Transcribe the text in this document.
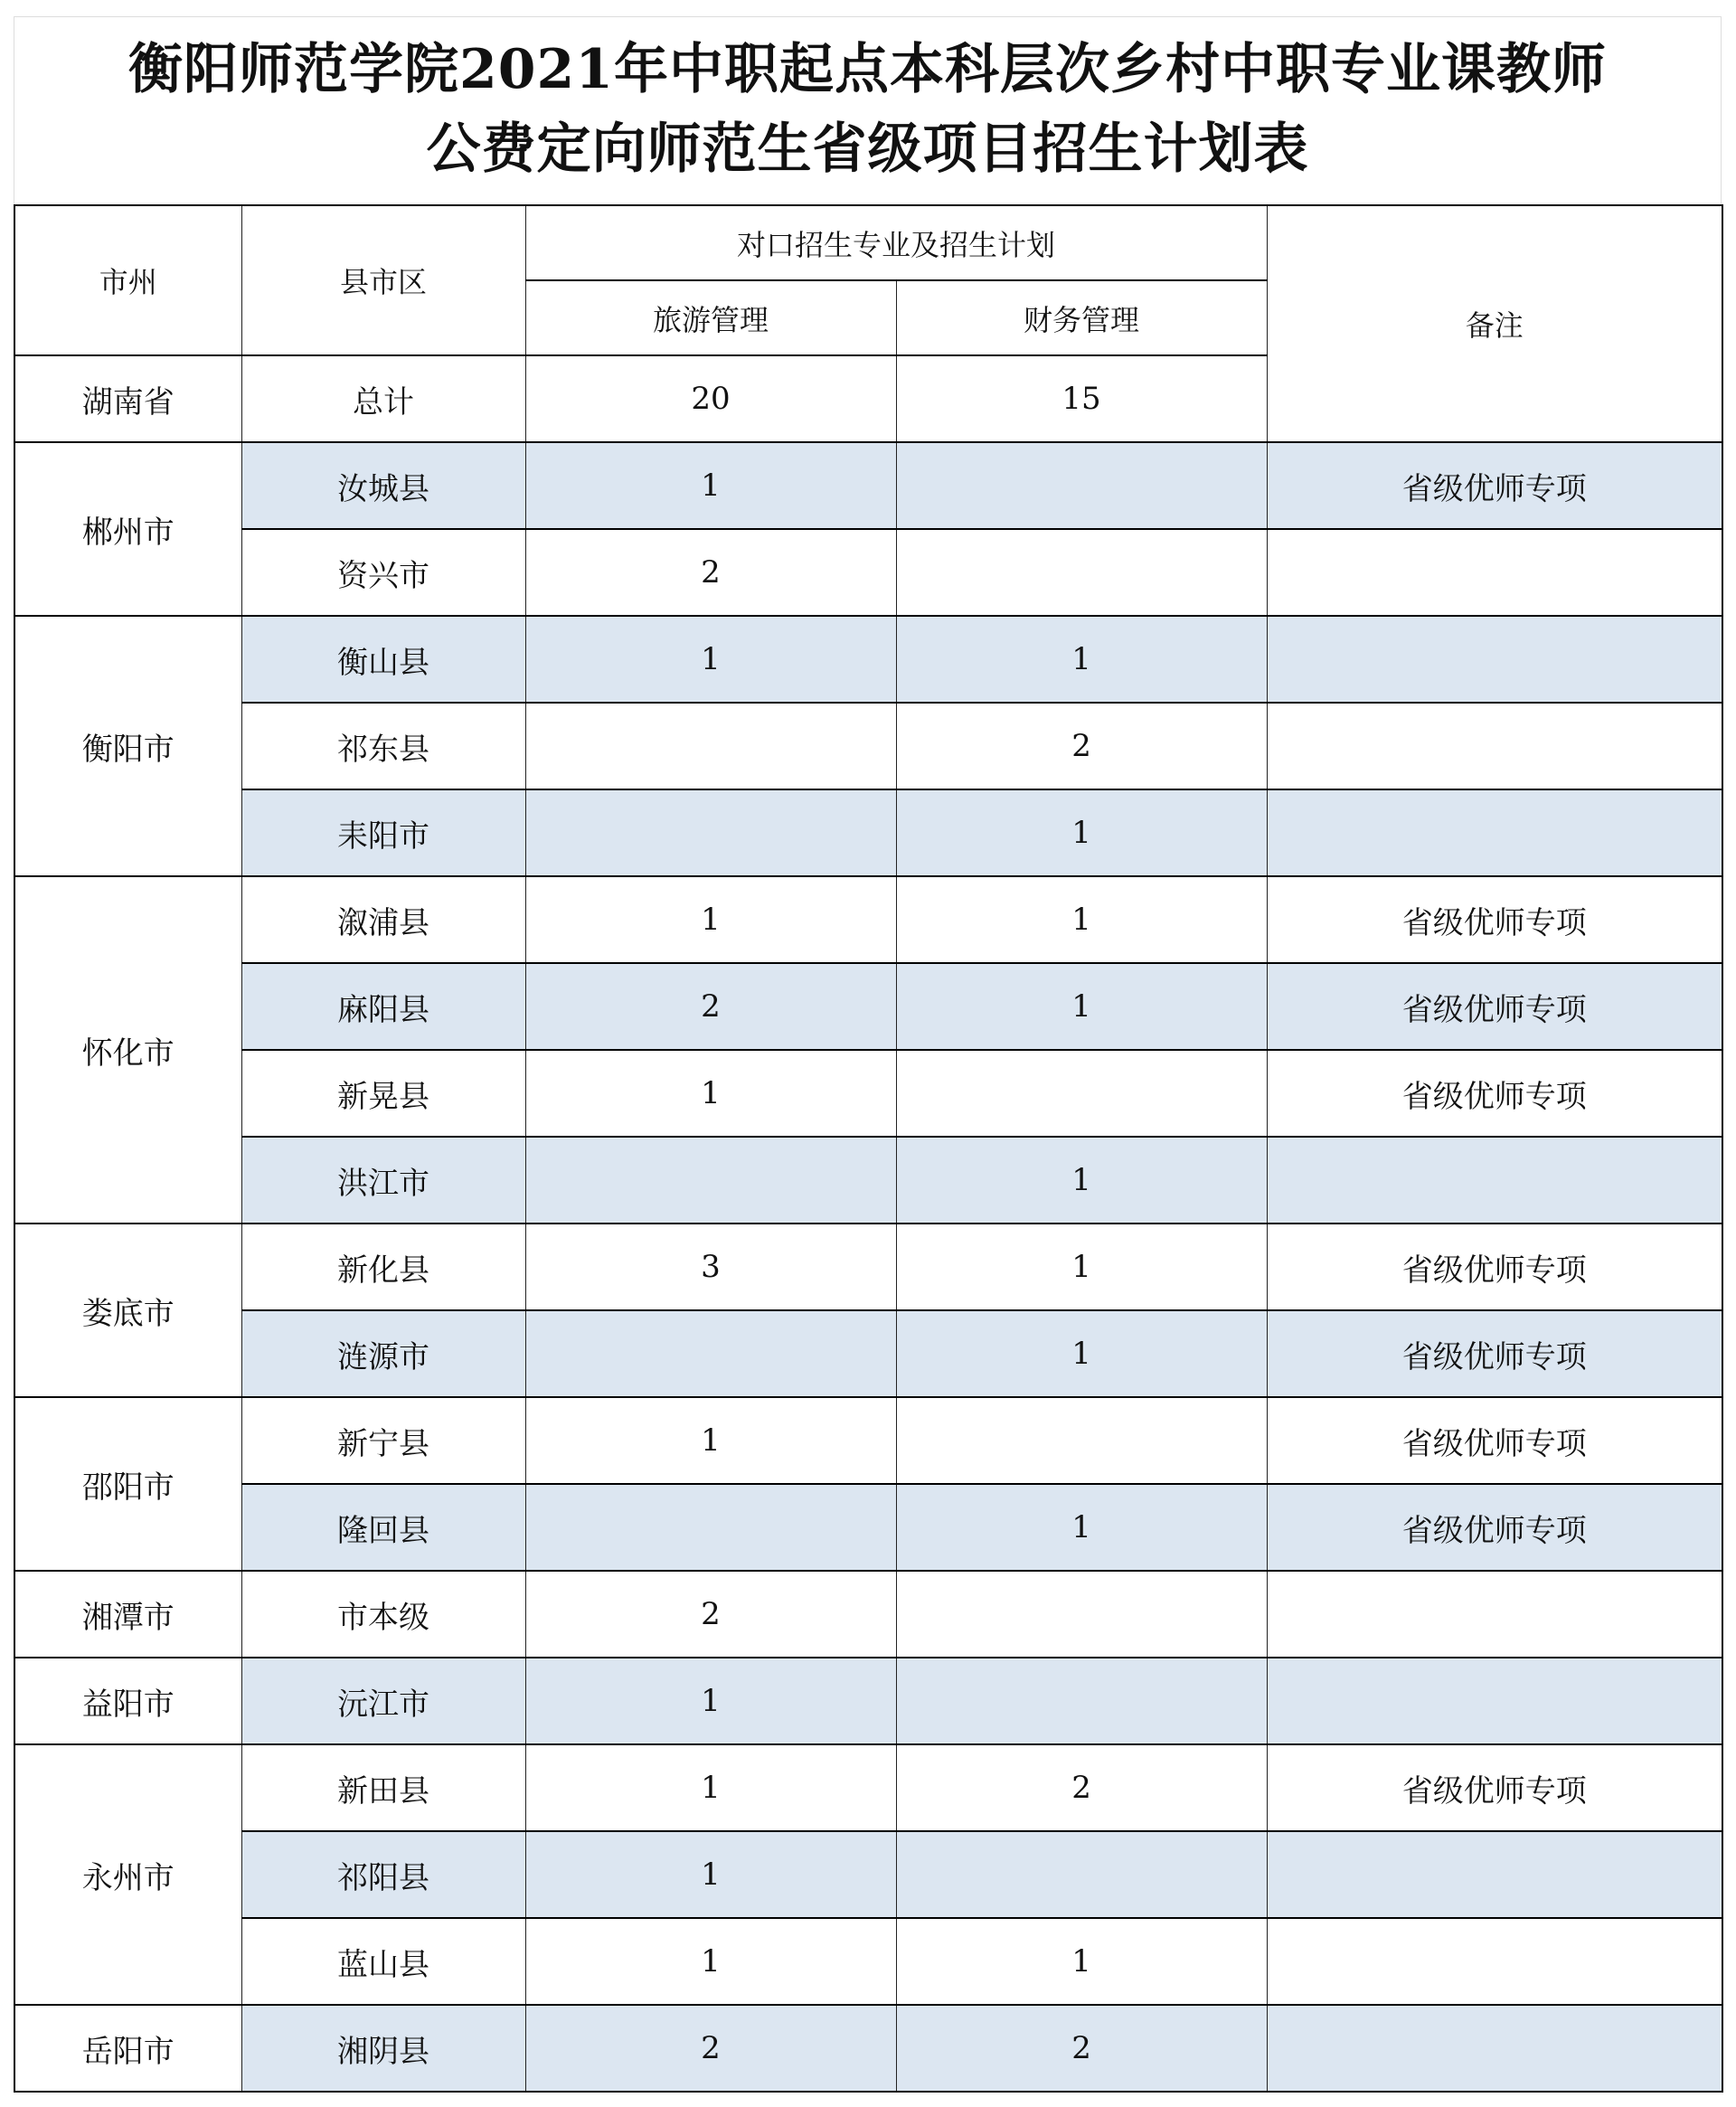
衡阳师范学院2021年中职起点本科层次乡村中职专业课教师
公费定向师范生省级项目招生计划表
市州	县市区	对口招生专业及招生计划		备注
		旅游管理	财务管理	
湖南省	总计	20	15	
郴州市	汝城县	1		省级优师专项
	资兴市	2		
衡阳市	衡山县	1	1	
	祁东县		2	
	耒阳市		1	
怀化市	溆浦县	1	1	省级优师专项
	麻阳县	2	1	省级优师专项
	新晃县	1		省级优师专项
	洪江市		1	
娄底市	新化县	3	1	省级优师专项
	涟源市		1	省级优师专项
邵阳市	新宁县	1		省级优师专项
	隆回县		1	省级优师专项
湘潭市	市本级	2		
益阳市	沅江市	1		
永州市	新田县	1	2	省级优师专项
	祁阳县	1		
	蓝山县	1	1	
岳阳市	湘阴县	2	2	
